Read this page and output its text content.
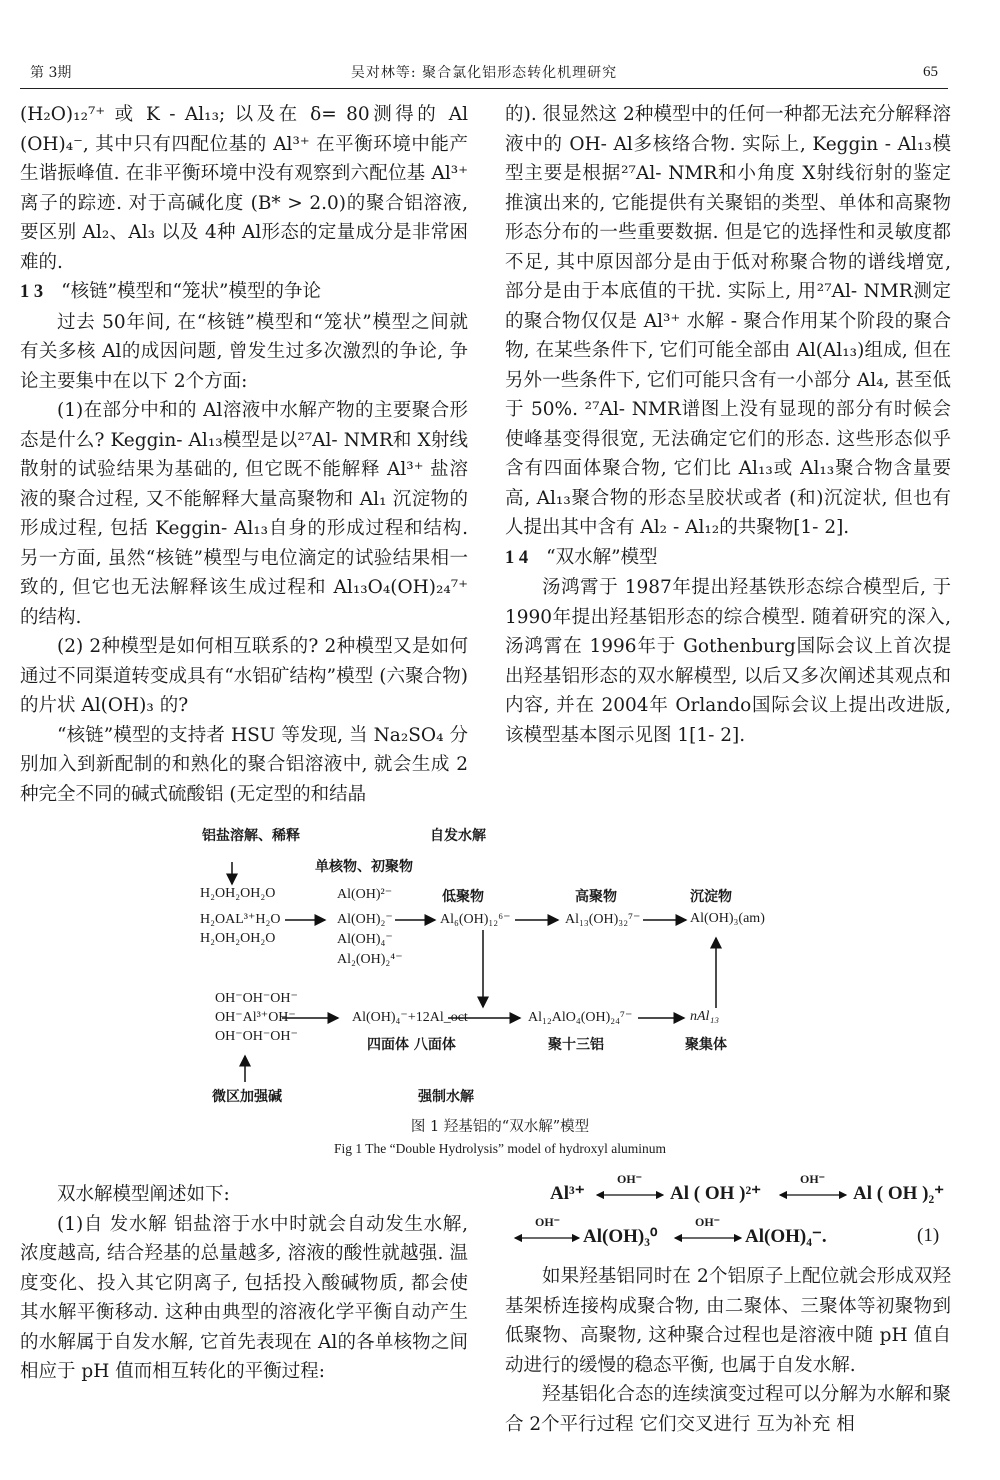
第 3期	吴对林等: 聚合氯化铝形态转化机理研究	65

(H₂O)₁₂⁷⁺ 或 K - Al₁₃; 以及在 δ= 80测得的 Al (OH)₄⁻, 其中只有四配位基的 Al³⁺ 在平衡环境中能产生谐振峰值. 在非平衡环境中没有观察到六配位基 Al³⁺ 离子的踪迹. 对于高碱化度 (B* > 2.0)的聚合铝溶液, 要区别 Al₂、Al₃ 以及 4种 Al形态的定量成分是非常困难的.

1 3 “核链”模型和“笼状”模型的争论

过去 50年间, 在“核链”模型和“笼状”模型之间就有关多核 Al的成因问题, 曾发生过多次激烈的争论, 争论主要集中在以下 2个方面:

(1)在部分中和的 Al溶液中水解产物的主要聚合形态是什么? Keggin- Al₁₃模型是以²⁷Al- NMR和 X射线散射的试验结果为基础的, 但它既不能解释 Al³⁺ 盐溶液的聚合过程, 又不能解释大量高聚物和 Al₁ 沉淀物的形成过程, 包括 Keggin- Al₁₃自身的形成过程和结构. 另一方面, 虽然“核链”模型与电位滴定的试验结果相一致的, 但它也无法解释该生成过程和 Al₁₃O₄(OH)₂₄⁷⁺ 的结构.

(2) 2种模型是如何相互联系的? 2种模型又是如何通过不同渠道转变成具有“水铝矿结构”模型 (六聚合物)的片状 Al(OH)₃ 的?

“核链”模型的支持者 HSU 等发现, 当 Na₂SO₄ 分别加入到新配制的和熟化的聚合铝溶液中, 就会生成 2种完全不同的碱式硫酸铝 (无定型的和结晶

的). 很显然这 2种模型中的任何一种都无法充分解释溶液中的 OH- Al多核络合物. 实际上, Keggin - Al₁₃模型主要是根据²⁷Al- NMR和小角度 X射线衍射的鉴定推演出来的, 它能提供有关聚铝的类型、单体和高聚物形态分布的一些重要数据. 但是它的选择性和灵敏度都不足, 其中原因部分是由于低对称聚合物的谱线增宽, 部分是由于本底值的干扰. 实际上, 用²⁷Al- NMR测定的聚合物仅仅是 Al³⁺ 水解 - 聚合作用某个阶段的聚合物, 在某些条件下, 它们可能全部由 Al(Al₁₃)组成, 但在另外一些条件下, 它们可能只含有一小部分 Al₄, 甚至低于 50%. ²⁷Al- NMR谱图上没有显现的部分有时候会使峰基变得很宽, 无法确定它们的形态. 这些形态似乎含有四面体聚合物, 它们比 Al₁₃或 Al₁₃聚合物含量要高, Al₁₃聚合物的形态呈胶状或者 (和)沉淀状, 但也有人提出其中含有 Al₂ - Al₁₂的共聚物[1- 2].

1 4 “双水解”模型

汤鸿霄于 1987年提出羟基铁形态综合模型后, 于 1990年提出羟基铝形态的综合模型. 随着研究的深入, 汤鸿霄在 1996年于 Gothenburg国际会议上首次提出羟基铝形态的双水解模型, 以后又多次阐述其观点和内容, 并在 2004年 Orlando国际会议上提出改进版, 该模型基本图示见图 1[1- 2].

铝盐溶解、稀释	自发水解
单核物、初聚物
低聚物	高聚物	沉淀物
H₂OH₂OH₂O
H₂OAL³⁺H₂O
H₂OH₂OH₂O
Al(OH)²⁻
Al(OH)₂⁻
Al(OH)₄⁻
Al₂(OH)₂⁴⁻
Al₆(OH)₁₂⁶⁻	Al₁₃(OH)₃₂⁷⁻	Al(OH)₃(am)
OH⁻OH⁻OH⁻
OH⁻Al³⁺OH⁻
OH⁻OH⁻OH⁻
Al(OH)₄⁻+12Al_oct	Al₁₂AlO₄(OH)₂₄⁷⁻	nAl₁₃
四面体 八面体	聚十三铝	聚集体
微区加强碱	强制水解
图 1 羟基铝的“双水解”模型
Fig 1 The “Double Hydrolysis” model of hydroxyl aluminum

双水解模型阐述如下:

(1)自 发水解 铝盐溶于水中时就会自动发生水解, 浓度越高, 结合羟基的总量越多, 溶液的酸性就越强. 温度变化、投入其它阴离子, 包括投入酸碱物质, 都会使其水解平衡移动. 这种由典型的溶液化学平衡自动产生的水解属于自发水解, 它首先表现在 Al的各单核物之间相应于 pH 值而相互转化的平衡过程:

Al³⁺
OH⁻
Al ( OH )²⁺
OH⁻
Al ( OH )₂⁺
OH⁻
Al(OH)₃⁰
OH⁻
Al(OH)₄⁻.	(1)

如果羟基铝同时在 2个铝原子上配位就会形成双羟基架桥连接构成聚合物, 由二聚体、三聚体等初聚物到低聚物、高聚物, 这种聚合过程也是溶液中随 pH 值自动进行的缓慢的稳态平衡, 也属于自发水解.

羟基铝化合态的连续演变过程可以分解为水解和聚合 2个平行过程 它们交叉进行 互为补充 相
